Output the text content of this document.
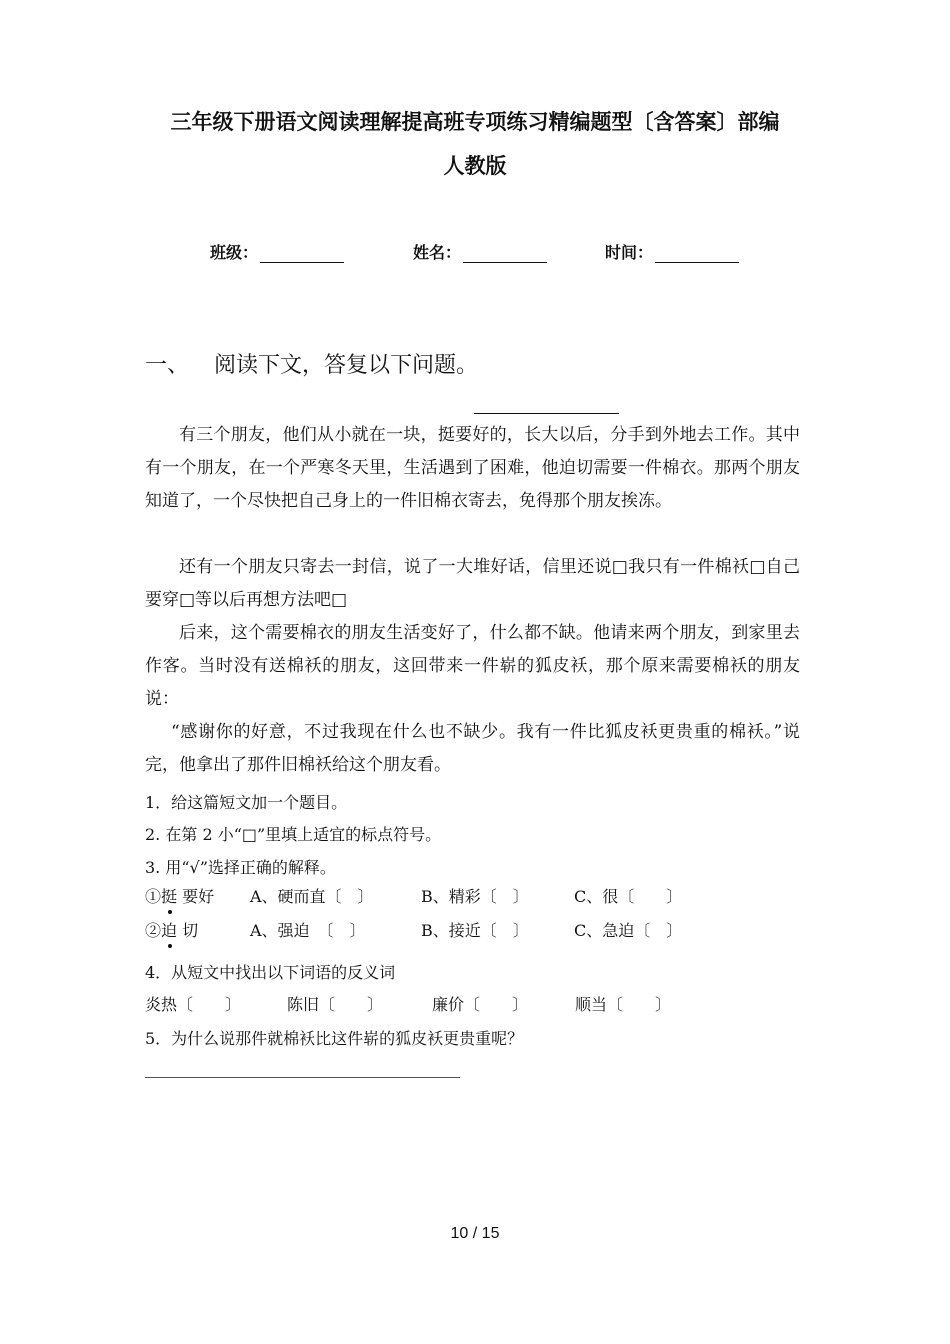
三年级下册语文阅读理解提高班专项练习精编题型〔含答案〕部编
人教版
班级：	姓名：	时间：
一、 阅读下文，答复以下问题。
有三个朋友，他们从小就在一块，挺要好的，长大以后，分手到外地去工作。其中有一个朋友，在一个严寒冬天里，生活遇到了困难，他迫切需要一件棉衣。那两个朋友知道了，一个尽快把自己身上的一件旧棉衣寄去，免得那个朋友挨冻。
还有一个朋友只寄去一封信，说了一大堆好话，信里还说□我只有一件棉袄□自己要穿□等以后再想方法吧□
后来，这个需要棉衣的朋友生活变好了，什么都不缺。他请来两个朋友，到家里去作客。当时没有送棉袄的朋友，这回带来一件崭的狐皮袄，那个原来需要棉袄的朋友说：
“感谢你的好意，不过我现在什么也不缺少。我有一件比狐皮袄更贵重的棉袄。”说完，他拿出了那件旧棉袄给这个朋友看。
1．给这篇短文加一个题目。
2. 在第 2 小“□”里填上适宜的标点符号。
3. 用“√”选择正确的解释。
①挺 要好 A、硬而直〔　〕	B、精彩〔　〕	C、很〔　　〕
②迫 切	A、强迫　〔　〕	B、接近〔　〕	C、急迫〔　〕
4．从短文中找出以下词语的反义词
炎热〔　　〕	陈旧〔　　〕	廉价〔　　〕	顺当〔　　〕
5．为什么说那件就棉袄比这件崭的狐皮袄更贵重呢？
10 / 15
